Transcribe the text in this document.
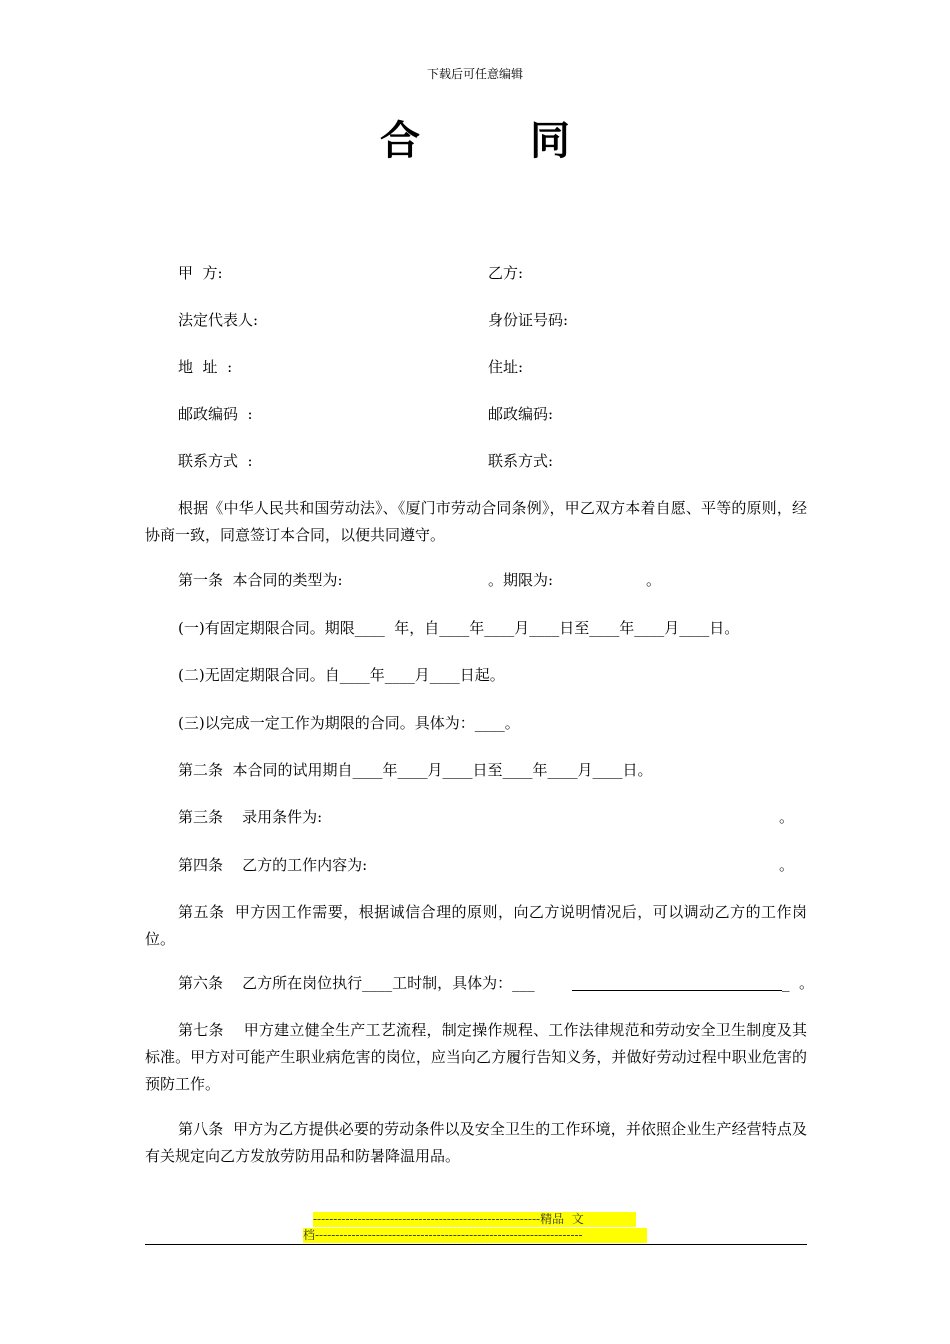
下载后可任意编辑
合	同
甲  方:	乙方:
法定代表人:	身份证号码:
地  址  :	住址:
邮政编码  :	邮政编码:
联系方式  :	联系方式:
根据《中华人民共和国劳动法》、《厦门市劳动合同条例》，甲乙双方本着自愿、平等的原则，经协商一致，同意签订本合同，以便共同遵守。
第一条  本合同的类型为:	。期限为:	。
(一)有固定期限合同。期限____  年，自____年____月____日至____年____月____日。
(二)无固定期限合同。自____年____月____日起。
(三)以完成一定工作为期限的合同。具体为：____。
第二条  本合同的试用期自____年____月____日至____年____月____日。
第三条    录用条件为:	。
第四条    乙方的工作内容为:	。
第五条  甲方因工作需要，根据诚信合理的原则，向乙方说明情况后，可以调动乙方的工作岗位。
第六条    乙方所在岗位执行____工时制，具体为：___	_  。
第七条    甲方建立健全生产工艺流程，制定操作规程、工作法律规范和劳动安全卫生制度及其标准。甲方对可能产生职业病危害的岗位，应当向乙方履行告知义务，并做好劳动过程中职业危害的预防工作。
第八条  甲方为乙方提供必要的劳动条件以及安全卫生的工作环境，并依照企业生产经营特点及有关规定向乙方发放劳防用品和防暑降温用品。
--------------------------------------------------------精品  文
档------------------------------------------------------------------
